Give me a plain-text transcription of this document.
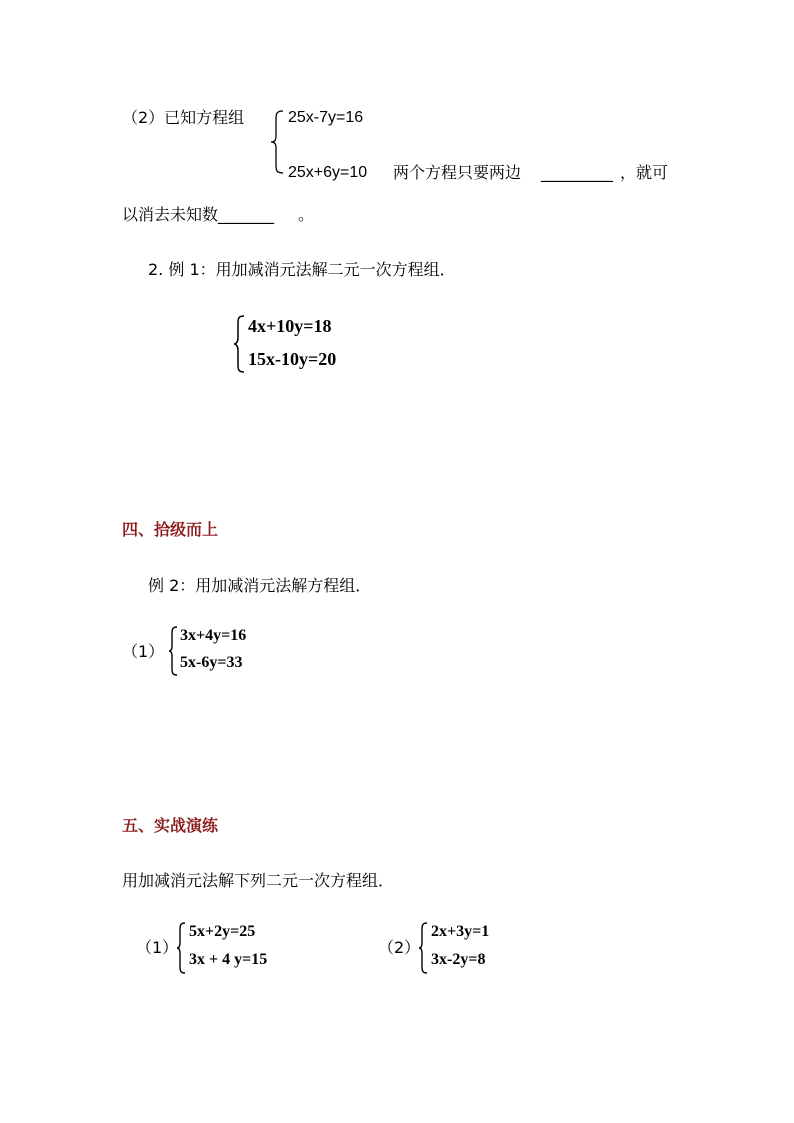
（2）已知方程组	25x-7y=16
25x+6y=10 两个方程只要两边 _________ ，就可
以消去未知数 _______ 。
2. 例 1：用加减消元法解二元一次方程组．
4x+10y=18
15x-10y=20
四、拾级而上
例 2：用加减消元法解方程组．
（1）
3x+4y=16
5x-6y=33
五、实战演练
用加减消元法解下列二元一次方程组．
（1）
5x+2y=25
3x + 4 y=15
（2）
2x+3y=1
3x-2y=8
